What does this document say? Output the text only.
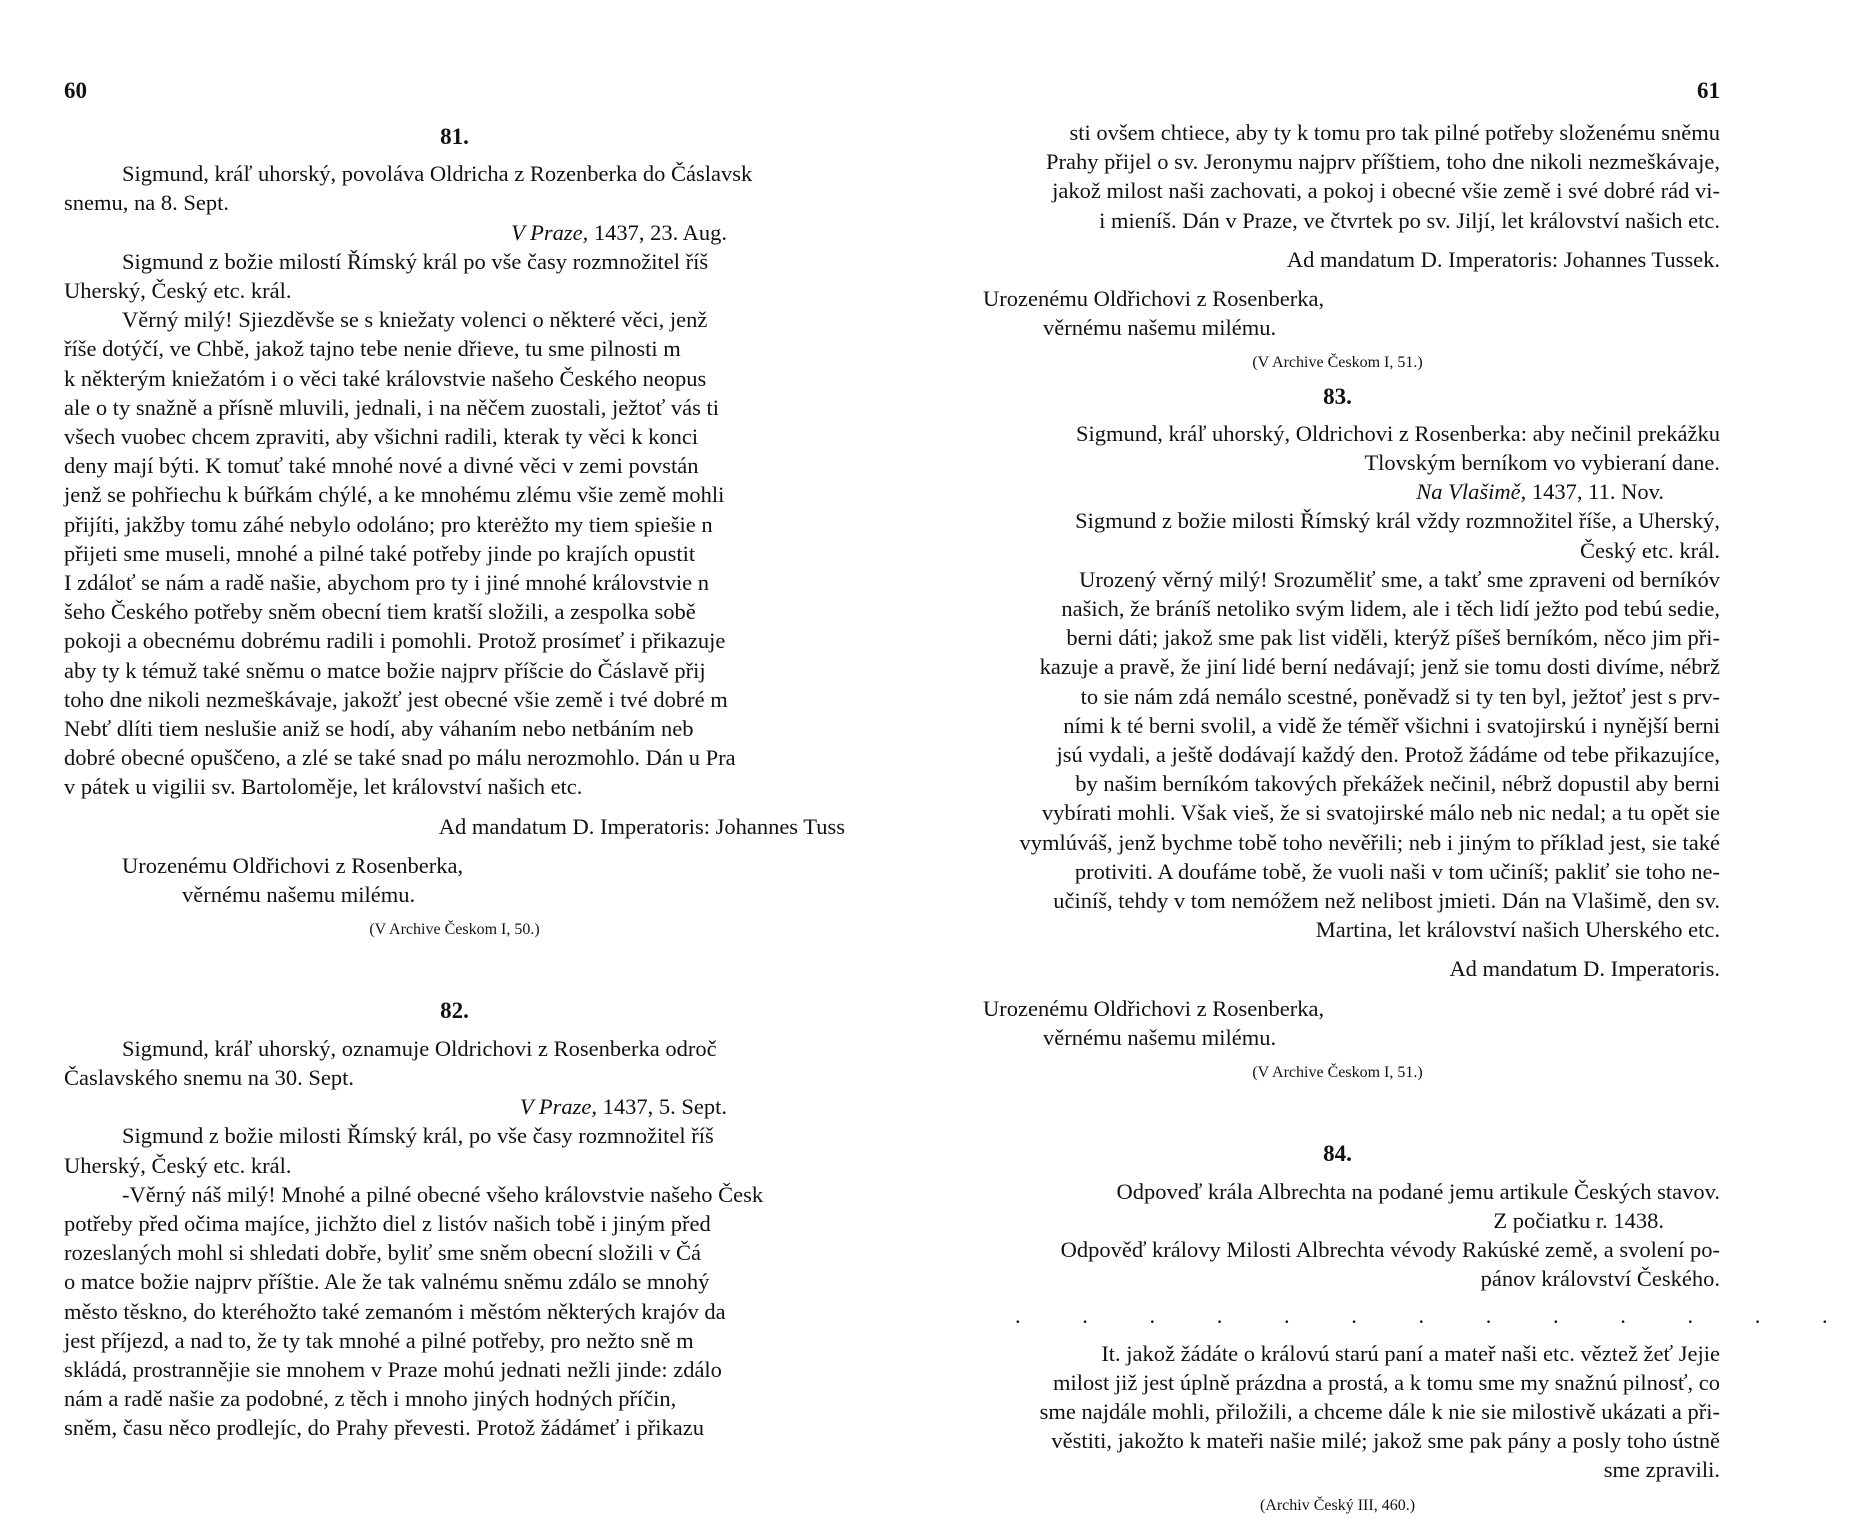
60

81.

Sigmund, kráľ uhorský, povoláva Oldricha z Rozenberka do Čáslavsk

snemu, na 8. Sept.

V Praze, 1437, 23. Aug.

Sigmund z božie milostí Římský král po vše časy rozmnožitel říš

Uherský, Český etc. král.

Věrný milý! Sjiezděvše se s kniežaty volenci o některé věci, jenž

říše dotýčí, ve Chbě, jakož tajno tebe nenie dřieve, tu sme pilnosti m

k některým kniežatóm i o věci také královstvie našeho Českého neopus

ale o ty snažně a přísně mluvili, jednali, i na něčem zuostali, ježtoť vás ti

všech vuobec chcem zpraviti, aby všichni radili, kterak ty věci k konci

deny mají býti. K tomuť také mnohé nové a divné věci v zemi povstán

jenž se pohřiechu k búřkám chýlé, a ke mnohému zlému všie země mohli

přijíti, jakžby tomu záhé nebylo odoláno; pro kterėžto my tiem spiešie n

přijeti sme museli, mnohé a pilné také potřeby jinde po krajích opustit

I zdáloť se nám a radě našie, abychom pro ty i jiné mnohé královstvie n

šeho Českého potřeby sněm obecní tiem kratší složili, a zespolka sobě

pokoji a obecnému dobrému radili i pomohli. Protož prosímeť i přikazuje

aby ty k témuž také sněmu o matce božie najprv příšcie do Čáslavě přij

toho dne nikoli nezmeškávaje, jakožť jest obecné všie země i tvé dobré m

Nebť dlíti tiem neslušie aniž se hodí, aby váhaním nebo netbáním neb

dobré obecné opuščeno, a zlé se také snad po málu nerozmohlo. Dán u Pra

v pátek u vigilii sv. Bartoloměje, let království našich etc.

Ad mandatum D. Imperatoris: Johannes Tuss

Urozenému Oldřichovi z Rosenberka,

věrnému našemu milému.

(V Archive Českom I, 50.)

82.

Sigmund, kráľ uhorský, oznamuje Oldrichovi z Rosenberka odroč

Časlavského snemu na 30. Sept.

V Praze, 1437, 5. Sept.

Sigmund z božie milosti Římský král, po vše časy rozmnožitel říš

Uherský, Český etc. král.

-Věrný náš milý! Mnohé a pilné obecné všeho královstvie našeho Česk

potřeby před očima majíce, jichžto diel z listóv našich tobě i jiným před

rozeslaných mohl si shledati dobře, byliť sme sněm obecní složili v Čá

o matce božie najprv příštie. Ale že tak valnému sněmu zdálo se mnohý

město těskno, do kteréhožto také zemanóm i městóm některých krajóv da

jest příjezd, a nad to, že ty tak mnohé a pilné potřeby, pro nežto sně m

skládá, prostrannějie sie mnohem v Praze mohú jednati nežli jinde: zdálo

nám a radě našie za podobné, z těch i mnoho jiných hodných příčin,

sněm, času něco prodlejíc, do Prahy převesti. Protož žádámeť i přikazu

61

sti ovšem chtiece, aby ty k tomu pro tak pilné potřeby složenému sněmu

Prahy přijel o sv. Jeronymu najprv příštiem, toho dne nikoli nezmeškávaje,

jakož milost naši zachovati, a pokoj i obecné všie země i své dobré rád vi-

i mieníš. Dán v Praze, ve čtvrtek po sv. Jiljí, let království našich etc.

Ad mandatum D. Imperatoris: Johannes Tussek.

Urozenému Oldřichovi z Rosenberka,

věrnému našemu milému.

(V Archive Českom I, 51.)

83.

Sigmund, kráľ uhorský, Oldrichovi z Rosenberka: aby nečinil prekážku

Tlovským berníkom vo vybieraní dane.

Na Vlašimě, 1437, 11. Nov.

Sigmund z božie milosti Římský král vždy rozmnožitel říše, a Uherský,

Český etc. král.

Urozený věrný milý! Srozuměliť sme, a takť sme zpraveni od berníkóv

našich, že bráníš netoliko svým lidem, ale i těch lidí ježto pod tebú sedie,

berni dáti; jakož sme pak list viděli, kterýž píšeš berníkóm, něco jim při-

kazuje a pravě, že jiní lidé berní nedávají; jenž sie tomu dosti divíme, nébrž

to sie nám zdá nemálo scestné, poněvadž si ty ten byl, ježtoť jest s prv-

ními k té berni svolil, a vidě že téměř všichni i svatojirskú i nynější berni

jsú vydali, a ještě dodávají každý den. Protož žádáme od tebe přikazujíce,

by našim berníkóm takových překážek nečinil, nébrž dopustil aby berni

vybírati mohli. Však vieš, že si svatojirské málo neb nic nedal; a tu opět sie

vymlúváš, jenž bychme tobě toho nevěřili; neb i jiným to příklad jest, sie také

protiviti. A doufáme tobě, že vuoli naši v tom učiníš; pakliť sie toho ne-

učiníš, tehdy v tom nemóžem než nelibost jmieti. Dán na Vlašimě, den sv.

Martina, let království našich Uherského etc.

Ad mandatum D. Imperatoris.

Urozenému Oldřichovi z Rosenberka,

věrnému našemu milému.

(V Archive Českom I, 51.)

84.

Odpoveď krála Albrechta na podané jemu artikule Českých stavov.

Z počiatku r. 1438.

Odpověď královy Milosti Albrechta vévody Rakúské země, a svolení po-

pánov království Českého.

. . . . . . . . . . . . .

It. jakož žádáte o královú starú paní a mateř naši etc. věztež žeť Jejie

milost již jest úplně prázdna a prostá, a k tomu sme my snažnú pilnosť, co

sme najdále mohli, přiložili, a chceme dále k nie sie milostivě ukázati a při-

věstiti, jakožto k mateři našie milé; jakož sme pak pány a posly toho ústně

sme zpravili.

(Archiv Český III, 460.)
